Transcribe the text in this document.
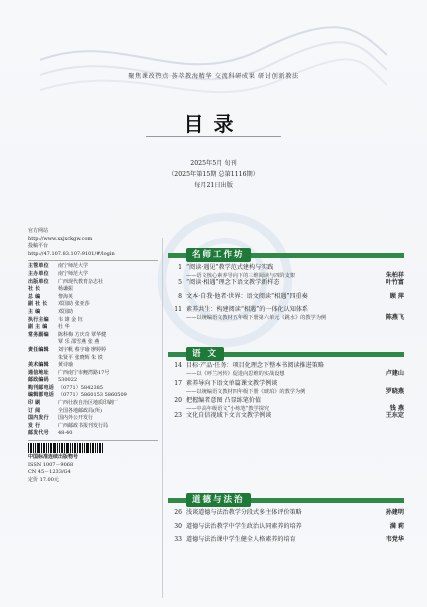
聚焦课改热点 荟萃教海精华 交流科研成果 研讨创新教法
目录
2025年5月 旬刊
（2025年第15期 总第1116期）
每月21日出版
官方网站
http://www.xxjxckgw.com
投稿平台
http://47.107.83.107:9101/#/login
主管单位	南宁师范大学
主办单位	南宁师范大学
出版单位	广西现代教育杂志社
社 长	杨谦振
总 编	黎海英
副 社 长	邓国助 张亚莎
主 编	邓国助
执行主编	韦 雄 金 钰
副 主 编	杜 华
常务副编	陈科梅 方庆奇 覃华健
覃 乐 邵雪燕 张 燕
责任编辑	刘宇帆 蔡宇瑜 廖婷婷
朱贤平 张晓辉 朱 铁
美术编辑	黄诗瑜
通信地址	广西南宁市鲤湾路17号
邮政编码	530022
购刊邮电话 （0771）5842385
编辑部电话 （0771）5860153 5860509
印 刷	广西壮族自治区地质印刷厂
订 阅	全国各地邮政局(所)
国内发行	国内外公开发行
发 行	广西邮政书报刊发行局
邮发代号	48-40
中国标准连续出版物号
ISSN 1007－9068
CN 45－1233/G4
定价 17.00元
名师工作坊
1 “阅读·遇见”教学范式建构与实践
——语文核心素养导向下的三维阅读与四阶支架	朱柏祥
5 “阅读·相遇”理念下语文教学新样态	叶竹富
8 文本·自我·他者·世界：语文阅读“相遇”四重奏	顾 萍
11 素养共生：构建阅读“相遇”的一体化认知体系
——以统编语文教材五年级下册第六单元《跳水》的教学为例	陈燕飞
语 文
14 目标·产品·任务：项目化理念下整本书阅读推进策略
——以《呼兰河传》促进向思维的实战设想	卢建山
17 素养导向下语文单篇课文教学例谈
——以统编语文教材四年级下册《琥珀》的教学为例	罗晓燕
20 把握编者意图 凸显练笔价值
——中高年级语文“小练笔”教学探究	钱 燕
23 文化自信视域下文言文教学例谈	王东定
道德与法治
26 浅谈道德与法治教学分段式多主体评价策略	孙建明
30 道德与法治教学中学生政治认同素养的培养	满 莉
33 道德与法治课中学生健全人格素养的培育	韦党华
